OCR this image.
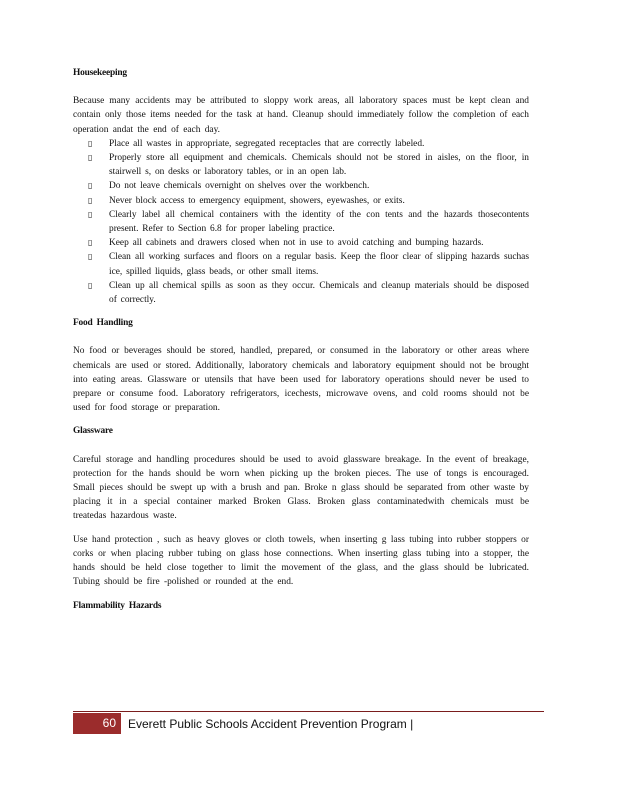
Housekeeping
Because many accidents may be attributed to sloppy work areas, all laboratory spaces must be kept clean and contain only those items needed for the task at hand. Cleanup should immediately follow the completion of each operation andat the end of each day.
▯ Place all wastes in appropriate, segregated receptacles that are correctly labeled.
▯ Properly store all equipment and chemicals. Chemicals should not be stored in aisles, on the floor, in stairwell s, on desks or laboratory tables, or in an open lab.
▯ Do not leave chemicals overnight on shelves over the workbench.
▯ Never block access to emergency equipment, showers, eyewashes, or exits.
▯ Clearly label all chemical containers with the identity of the con tents and the hazards thosecontents present. Refer to Section 6.8 for proper labeling practice.
▯ Keep all cabinets and drawers closed when not in use to avoid catching and bumping hazards.
▯ Clean all working surfaces and floors on a regular basis. Keep the floor clear of slipping hazards suchas ice, spilled liquids, glass beads, or other small items.
▯ Clean up all chemical spills as soon as they occur. Chemicals and cleanup materials should be disposed of correctly.
Food Handling
No food or beverages should be stored, handled, prepared, or consumed in the laboratory or other areas where chemicals are used or stored. Additionally, laboratory chemicals and laboratory equipment should not be brought into eating areas. Glassware or utensils that have been used for laboratory operations should never be used to prepare or consume food. Laboratory refrigerators, icechests, microwave ovens, and cold rooms should not be used for food storage or preparation.
Glassware
Careful storage and handling procedures should be used to avoid glassware breakage. In the event of breakage, protection for the hands should be worn when picking up the broken pieces. The use of tongs is encouraged. Small pieces should be swept up with a brush and pan. Broke n glass should be separated from other waste by placing it in a special container marked Broken Glass. Broken glass contaminatedwith chemicals must be treatedas hazardous waste.
Use hand protection , such as heavy gloves or cloth towels, when inserting g lass tubing into rubber stoppers or corks or when placing rubber tubing on glass hose connections. When inserting glass tubing into a stopper, the hands should be held close together to limit the movement of the glass, and the glass should be lubricated. Tubing should be fire -polished or rounded at the end.
Flammability Hazards
60	Everett Public Schools Accident Prevention Program |
